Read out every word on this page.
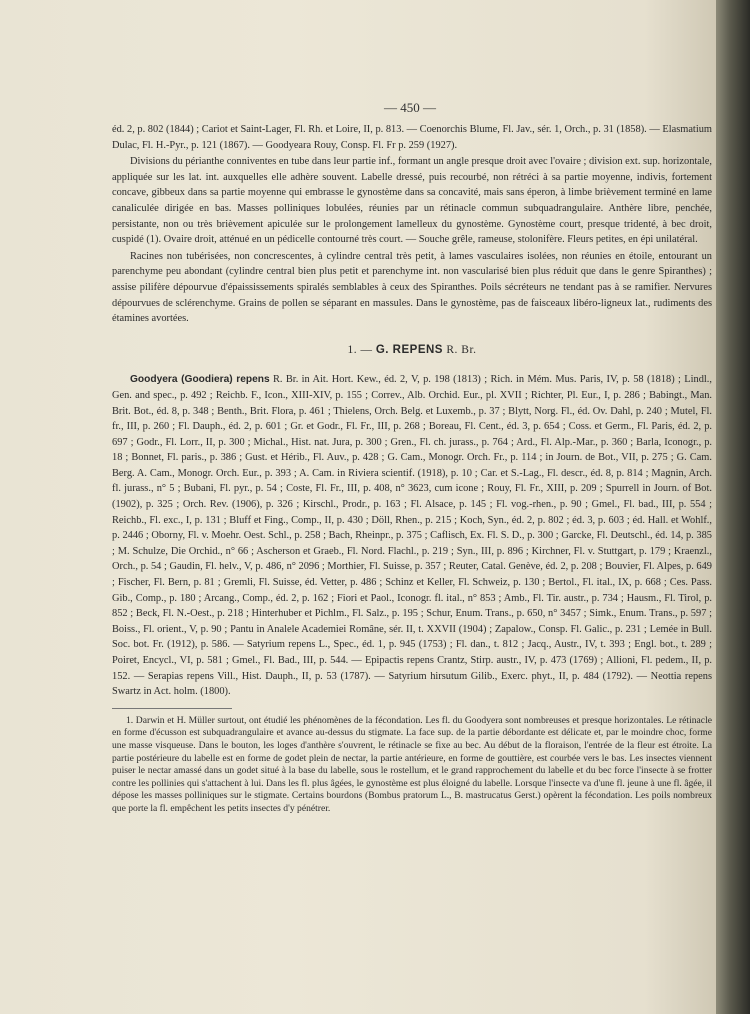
— 450 —

éd. 2, p. 802 (1844) ; Cariot et Saint-Lager, Fl. Rh. et Loire, II, p. 813. — Coenorchis Blume, Fl. Jav., sér. 1, Orch., p. 31 (1858). — Elasmatium Dulac, Fl. H.-Pyr., p. 121 (1867). — Goodyeara Rouy, Consp. Fl. Fr p. 259 (1927).

Divisions du périanthe conniventes en tube dans leur partie inf., formant un angle presque droit avec l'ovaire ; division ext. sup. horizontale, appliquée sur les lat. int. auxquelles elle adhère souvent. Labelle dressé, puis recourbé, non rétréci à sa partie moyenne, indivis, fortement concave, gibbeux dans sa partie moyenne qui embrasse le gynostème dans sa concavité, mais sans éperon, à limbe brièvement terminé en lame canaliculée dirigée en bas. Masses polliniques lobulées, réunies par un rétinacle commun subquadrangulaire. Anthère libre, penchée, persistante, non ou très brièvement apiculée sur le prolongement lamelleux du gynostème. Gynostème court, presque tridenté, à bec droit, cuspidé (1). Ovaire droit, atténué en un pédicelle contourné très court. — Souche grêle, rameuse, stolonifère. Fleurs petites, en épi unilatéral.

Racines non tubérisées, non concrescentes, à cylindre central très petit, à lames vasculaires isolées, non réunies en étoile, entourant un parenchyme peu abondant (cylindre central bien plus petit et parenchyme int. non vascularisé bien plus réduit que dans le genre Spiranthes) ; assise pilifère dépourvue d'épaississements spiralés semblables à ceux des Spiranthes. Poils sécréteurs ne tendant pas à se ramifier. Nervures dépourvues de sclérenchyme. Grains de pollen se séparant en massules. Dans le gynostème, pas de faisceaux libéro-ligneux lat., rudiments des étamines avortées.

1. — G. REPENS R. Br.

Goodyera (Goodiera) repens R. Br. in Ait. Hort. Kew., éd. 2, V, p. 198 (1813) ; Rich. in Mém. Mus. Paris, IV, p. 58 (1818) ; Lindl., Gen. and spec., p. 492 ; Reichb. F., Icon., XIII-XIV, p. 155 ; Correv., Alb. Orchid. Eur., pl. XVII ; Richter, Pl. Eur., I, p. 286 ; Babingt., Man. Brit. Bot., éd. 8, p. 348 ; Benth., Brit. Flora, p. 461 ; Thielens, Orch. Belg. et Luxemb., p. 37 ; Blytt, Norg. Fl., éd. Ov. Dahl, p. 240 ; Mutel, Fl. fr., III, p. 260 ; Fl. Dauph., éd. 2, p. 601 ; Gr. et Godr., Fl. Fr., III, p. 268 ; Boreau, Fl. Cent., éd. 3, p. 654 ; Coss. et Germ., Fl. Paris, éd. 2, p. 697 ; Godr., Fl. Lorr., II, p. 300 ; Michal., Hist. nat. Jura, p. 300 ; Gren., Fl. ch. jurass., p. 764 ; Ard., Fl. Alp.-Mar., p. 360 ; Barla, Iconogr., p. 18 ; Bonnet, Fl. paris., p. 386 ; Gust. et Hérib., Fl. Auv., p. 428 ; G. Cam., Monogr. Orch. Fr., p. 114 ; in Journ. de Bot., VII, p. 275 ; G. Cam. Berg. A. Cam., Monogr. Orch. Eur., p. 393 ; A. Cam. in Riviera scientif. (1918), p. 10 ; Car. et S.-Lag., Fl. descr., éd. 8, p. 814 ; Magnin, Arch. fl. jurass., n° 5 ; Bubani, Fl. pyr., p. 54 ; Coste, Fl. Fr., III, p. 408, n° 3623, cum icone ; Rouy, Fl. Fr., XIII, p. 209 ; Spurrell in Journ. of Bot. (1902), p. 325 ; Orch. Rev. (1906), p. 326 ; Kirschl., Prodr., p. 163 ; Fl. Alsace, p. 145 ; Fl. vog.-rhen., p. 90 ; Gmel., Fl. bad., III, p. 554 ; Reichb., Fl. exc., I, p. 131 ; Bluff et Fing., Comp., II, p. 430 ; Döll, Rhen., p. 215 ; Koch, Syn., éd. 2, p. 802 ; éd. 3, p. 603 ; éd. Hall. et Wohlf., p. 2446 ; Oborny, Fl. v. Moehr. Oest. Schl., p. 258 ; Bach, Rheinpr., p. 375 ; Caflisch, Ex. Fl. S. D., p. 300 ; Garcke, Fl. Deutschl., éd. 14, p. 385 ; M. Schulze, Die Orchid., n° 66 ; Ascherson et Graeb., Fl. Nord. Flachl., p. 219 ; Syn., III, p. 896 ; Kirchner, Fl. v. Stuttgart, p. 179 ; Kraenzl., Orch., p. 54 ; Gaudin, Fl. helv., V, p. 486, n° 2096 ; Morthier, Fl. Suisse, p. 357 ; Reuter, Catal. Genève, éd. 2, p. 208 ; Bouvier, Fl. Alpes, p. 649 ; Fischer, Fl. Bern, p. 81 ; Gremli, Fl. Suisse, éd. Vetter, p. 486 ; Schinz et Keller, Fl. Schweiz, p. 130 ; Bertol., Fl. ital., IX, p. 668 ; Ces. Pass. Gib., Comp., p. 180 ; Arcang., Comp., éd. 2, p. 162 ; Fiori et Paol., Iconogr. fl. ital., n° 853 ; Amb., Fl. Tir. austr., p. 734 ; Hausm., Fl. Tirol, p. 852 ; Beck, Fl. N.-Oest., p. 218 ; Hinterhuber et Pichlm., Fl. Salz., p. 195 ; Schur, Enum. Trans., p. 650, n° 3457 ; Simk., Enum. Trans., p. 597 ; Boiss., Fl. orient., V, p. 90 ; Pantu in Analele Academiei Române, sér. II, t. XXVII (1904) ; Zapalow., Consp. Fl. Galic., p. 231 ; Lemée in Bull. Soc. bot. Fr. (1912), p. 586. — Satyrium repens L., Spec., éd. 1, p. 945 (1753) ; Fl. dan., t. 812 ; Jacq., Austr., IV, t. 393 ; Engl. bot., t. 289 ; Poiret, Encycl., VI, p. 581 ; Gmel., Fl. Bad., III, p. 544. — Epipactis repens Crantz, Stirp. austr., IV, p. 473 (1769) ; Allioni, Fl. pedem., II, p. 152. — Serapias repens Vill., Hist. Dauph., II, p. 53 (1787). — Satyrium hirsutum Gilib., Exerc. phyt., II, p. 484 (1792). — Neottia repens Swartz in Act. holm. (1800).

1. Darwin et H. Müller surtout, ont étudié les phénomènes de la fécondation. Les fl. du Goodyera sont nombreuses et presque horizontales. Le rétinacle en forme d'écusson est subquadrangulaire et avance au-dessus du stigmate. La face sup. de la partie débordante est délicate et, par le moindre choc, forme une masse visqueuse. Dans le bouton, les loges d'anthère s'ouvrent, le rétinacle se fixe au bec. Au début de la floraison, l'entrée de la fleur est étroite. La partie postérieure du labelle est en forme de godet plein de nectar, la partie antérieure, en forme de gouttière, est courbée vers le bas. Les insectes viennent puiser le nectar amassé dans un godet situé à la base du labelle, sous le rostellum, et le grand rapprochement du labelle et du bec force l'insecte à se frotter contre les pollinies qui s'attachent à lui. Dans les fl. plus âgées, le gynostème est plus éloigné du labelle. Lorsque l'insecte va d'une fl. jeune à une fl. âgée, il dépose les masses polliniques sur le stigmate. Certains bourdons (Bombus pratorum L., B. mastrucatus Gerst.) opèrent la fécondation. Les poils nombreux que porte la fl. empêchent les petits insectes d'y pénétrer.
